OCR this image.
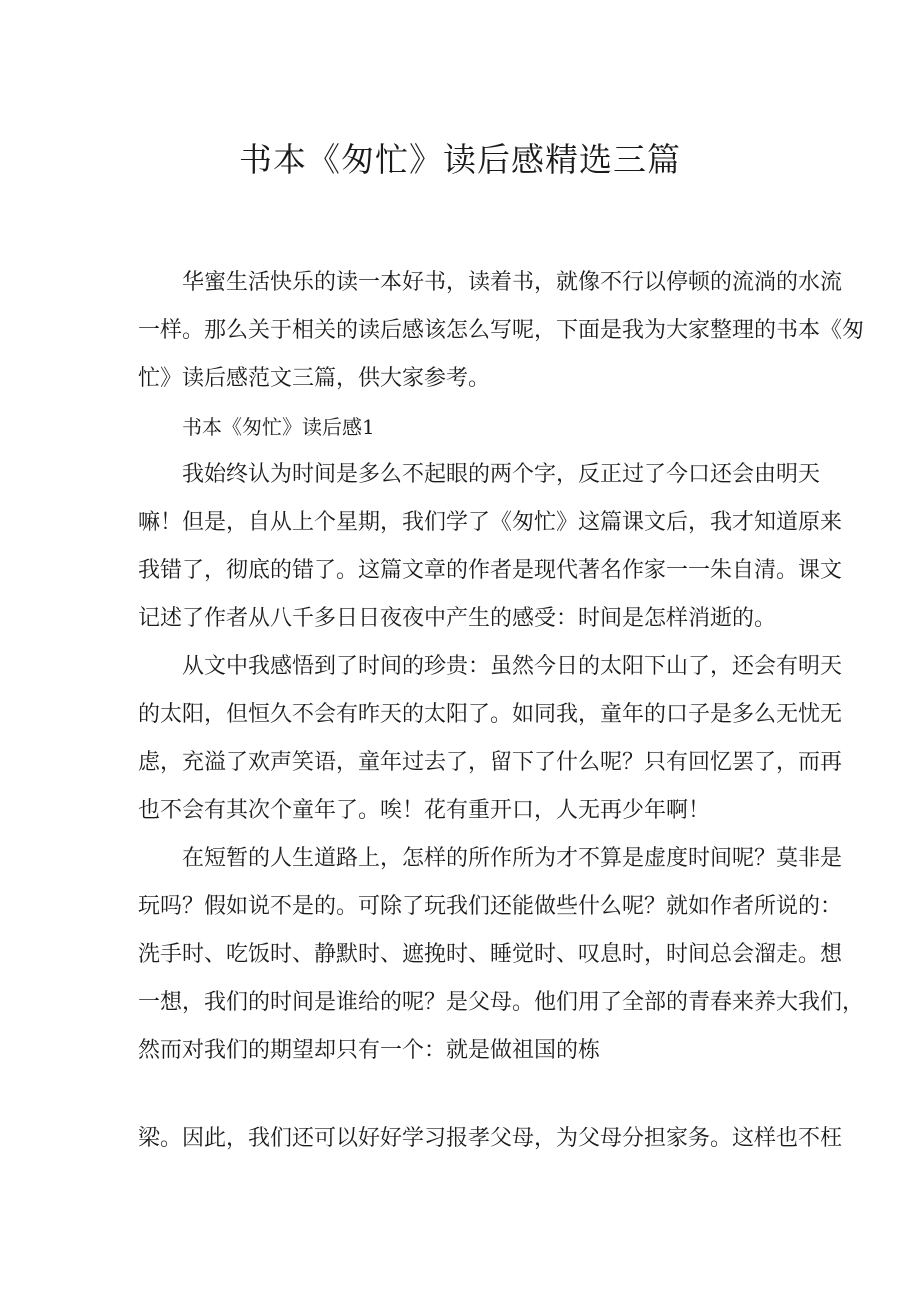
书本《匆忙》读后感精选三篇

华蜜生活快乐的读一本好书，读着书，就像不行以停顿的流淌的水流

一样。那么关于相关的读后感该怎么写呢，下面是我为大家整理的书本《匆

忙》读后感范文三篇，供大家参考。

书本《匆忙》读后感1

我始终认为时间是多么不起眼的两个字，反正过了今口还会由明天

嘛！但是，自从上个星期，我们学了《匆忙》这篇课文后，我才知道原来

我错了，彻底的错了。这篇文章的作者是现代著名作家一一朱自清。课文

记述了作者从八千多日日夜夜中产生的感受：时间是怎样消逝的。

从文中我感悟到了时间的珍贵：虽然今日的太阳下山了，还会有明天

的太阳，但恒久不会有昨天的太阳了。如同我，童年的口子是多么无忧无

虑，充溢了欢声笑语，童年过去了，留下了什么呢？只有回忆罢了，而再

也不会有其次个童年了。唉！花有重开口，人无再少年啊！

在短暂的人生道路上，怎样的所作所为才不算是虚度时间呢？莫非是

玩吗？假如说不是的。可除了玩我们还能做些什么呢？就如作者所说的：

洗手时、吃饭时、静默时、遮挽时、睡觉时、叹息时，时间总会溜走。想

一想，我们的时间是谁给的呢？是父母。他们用了全部的青春来养大我们，

然而对我们的期望却只有一个：就是做祖国的栋

梁。因此，我们还可以好好学习报孝父母，为父母分担家务。这样也不枉
